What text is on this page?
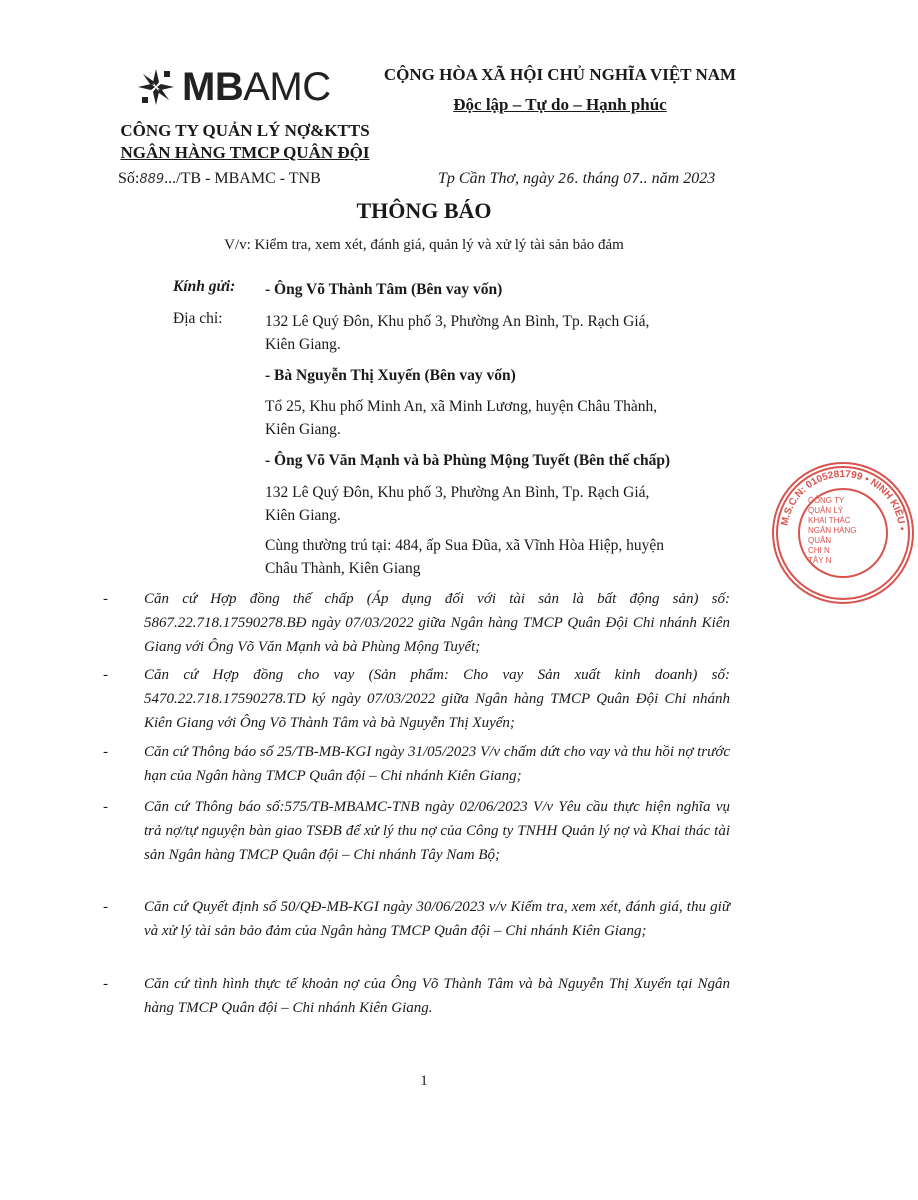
MBAMC
CÔNG TY QUẢN LÝ NỢ&KTTS
NGÂN HÀNG TMCP QUÂN ĐỘI
CỘNG HÒA XÃ HỘI CHỦ NGHĨA VIỆT NAM
Độc lập – Tự do – Hạnh phúc
Số:889.../TB - MBAMC - TNB	Tp Cần Thơ, ngày 26. tháng 07.. năm 2023
THÔNG BÁO
V/v: Kiểm tra, xem xét, đánh giá, quản lý và xử lý tài sản bảo đảm
Kính gửi:
Địa chỉ:
- Ông Võ Thành Tâm (Bên vay vốn)
132 Lê Quý Đôn, Khu phố 3, Phường An Bình, Tp. Rạch Giá,
Kiên Giang.
- Bà Nguyễn Thị Xuyến (Bên vay vốn)
Tổ 25, Khu phố Minh An, xã Minh Lương, huyện Châu Thành,
Kiên Giang.
- Ông Võ Văn Mạnh và bà Phùng Mộng Tuyết (Bên thế chấp)
132 Lê Quý Đôn, Khu phố 3, Phường An Bình, Tp. Rạch Giá,
Kiên Giang.
Cùng thường trú tại: 484, ấp Sua Đũa, xã Vĩnh Hòa Hiệp, huyện
Châu Thành, Kiên Giang
- Căn cứ Hợp đồng thế chấp (Áp dụng đối với tài sản là bất động sản) số: 5867.22.718.17590278.BĐ ngày 07/03/2022 giữa Ngân hàng TMCP Quân Đội Chi nhánh Kiên Giang với Ông Võ Văn Mạnh và bà Phùng Mộng Tuyết;
- Căn cứ Hợp đồng cho vay (Sản phẩm: Cho vay Sản xuất kinh doanh) số: 5470.22.718.17590278.TD ký ngày 07/03/2022 giữa Ngân hàng TMCP Quân Đội Chi nhánh Kiên Giang với Ông Võ Thành Tâm và bà Nguyễn Thị Xuyến;
- Căn cứ Thông báo số 25/TB-MB-KGI ngày 31/05/2023 V/v chấm dứt cho vay và thu hồi nợ trước hạn của Ngân hàng TMCP Quân đội – Chi nhánh Kiên Giang;
- Căn cứ Thông báo số:575/TB-MBAMC-TNB ngày 02/06/2023 V/v Yêu cầu thực hiện nghĩa vụ trả nợ/tự nguyện bàn giao TSĐB để xử lý thu nợ của Công ty TNHH Quản lý nợ và Khai thác tài sản Ngân hàng TMCP Quân đội – Chi nhánh Tây Nam Bộ;
- Căn cứ Quyết định số 50/QĐ-MB-KGI ngày 30/06/2023 v/v Kiểm tra, xem xét, đánh giá, thu giữ và xử lý tài sản bảo đảm của Ngân hàng TMCP Quân đội – Chi nhánh Kiên Giang;
- Căn cứ tình hình thực tế khoản nợ của Ông Võ Thành Tâm và bà Nguyễn Thị Xuyến tại Ngân hàng TMCP Quân đội – Chi nhánh Kiên Giang.
1
M.S.C.N: 0105281799 • NINH KIỀU •
CÔNG TY
QUẢN LÝ
KHAI THÁC
NGÂN HÀNG
QUÂN
CHI N
TÂY N
